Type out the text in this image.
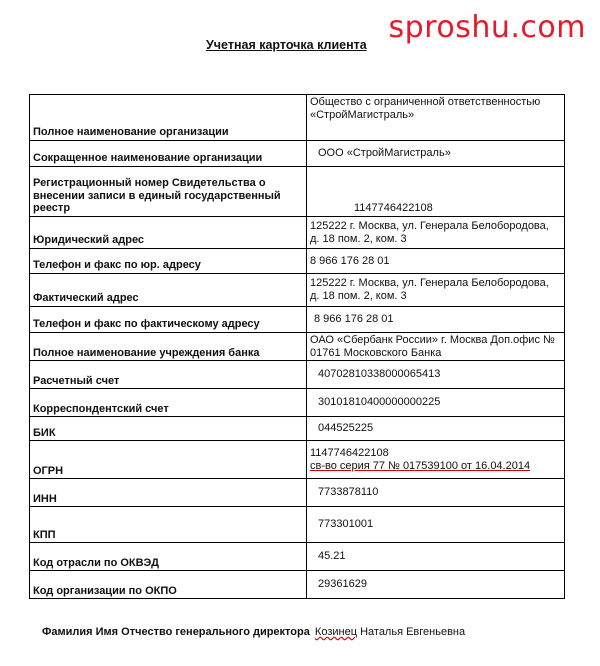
sproshu.com
Учетная карточка клиента
Полное наименование организации	Общество с ограниченной ответственностью «СтройМагистраль»
Сокращенное наименование организации	ООО «СтройМагистраль»

Регистрационный номер Свидетельства о внесении записи в единый государственный реестр	1147746422108

Юридический адрес	125222 г. Москва, ул. Генерала Белобородова, д. 18 пом. 2, ком. 3
Телефон и факс по юр. адресу	8 966 176 28 01
Фактический адрес	125222 г. Москва, ул. Генерала Белобородова, д. 18 пом. 2, ком. 3
Телефон и факс по фактическому адресу	8 966 176 28 01

Полное наименование учреждения банка	ОАО «Сбербанк России» г. Москва Доп.офис № 01761 Московского Банка
Расчетный счет	40702810338000065413

Корреспондентский счет	30101810400000000225

БИК	044525225

ОГРН	1147746422108
св-во серия 77 № 017539100 от 16.04.2014

ИНН	7733878110

КПП	773301001

Код отрасли по ОКВЭД	45.21

Код организации по ОКПО	29361629
Фамилия Имя Отчество генерального директора Козинец Наталья Евгеньевна
